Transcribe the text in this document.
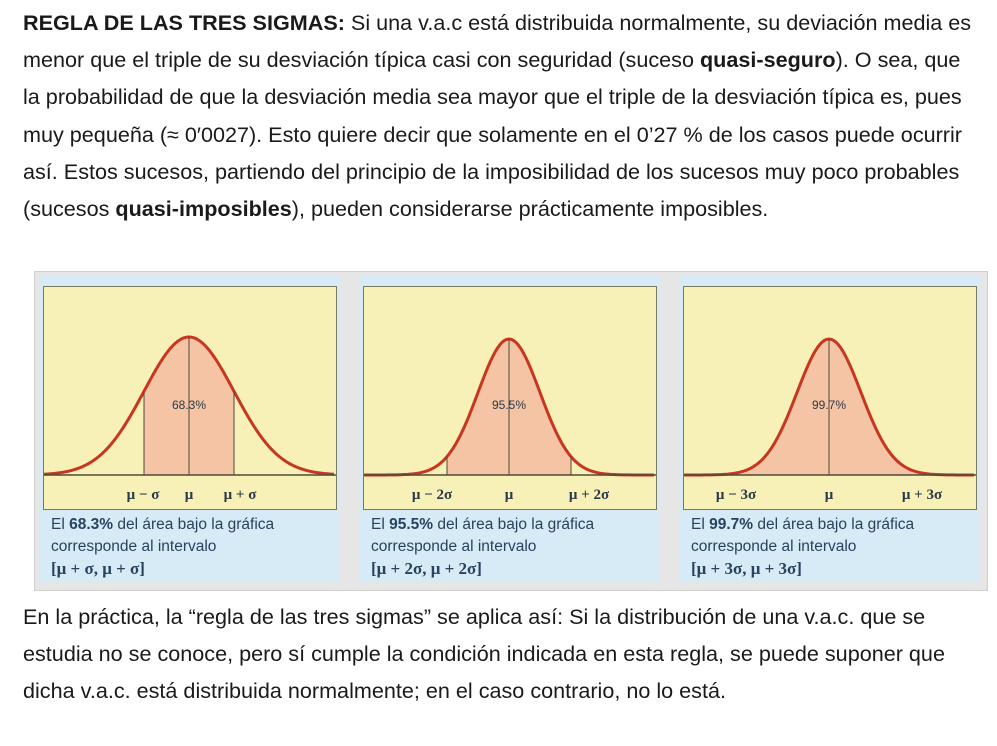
REGLA DE LAS TRES SIGMAS: Si una v.a.c está distribuida normalmente, su deviación media es menor que el triple de su desviación típica casi con seguridad (suceso quasi-seguro). O sea, que la probabilidad de que la desviación media sea mayor que el triple de la desviación típica es, pues muy pequeña (≈ 0′0027). Esto quiere decir que solamente en el 0’27 % de los casos puede ocurrir así. Estos sucesos, partiendo del principio de la imposibilidad de los sucesos muy poco probables (sucesos quasi-imposibles), pueden considerarse prácticamente imposibles.
68.3%
μ − σ μ μ + σ
El 68.3% del área bajo la gráfica corresponde al intervalo
[μ + σ, μ + σ]
95.5%
μ − 2σ	μ	μ + 2σ
El 95.5% del área bajo la gráfica corresponde al intervalo
[μ + 2σ, μ + 2σ]
99.7%
μ − 3σ	μ	μ + 3σ
El 99.7% del área bajo la gráfica corresponde al intervalo
[μ + 3σ, μ + 3σ]
En la práctica, la “regla de las tres sigmas” se aplica así: Si la distribución de una v.a.c. que se estudia no se conoce, pero sí cumple la condición indicada en esta regla, se puede suponer que dicha v.a.c. está distribuida normalmente; en el caso contrario, no lo está.
